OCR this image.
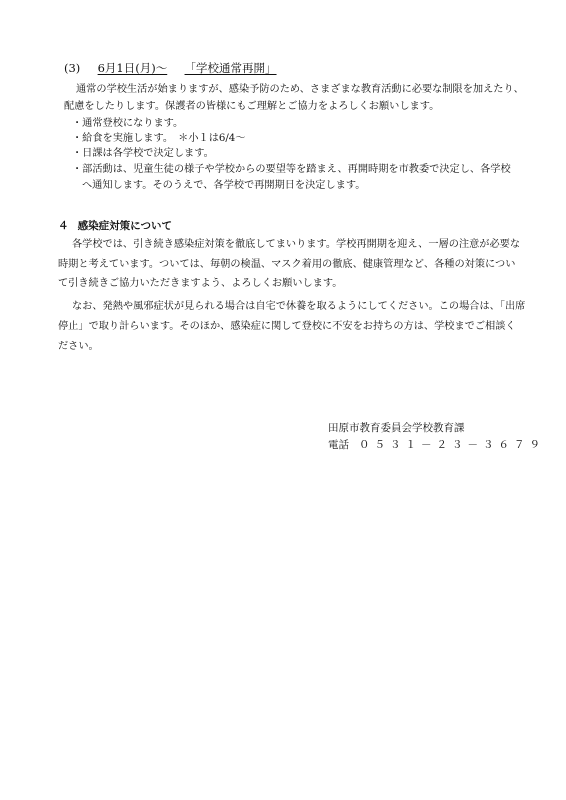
(3) 6月1日(月)～ 「学校通常再開」
通常の学校生活が始まりますが、感染予防のため、さまざまな教育活動に必要な制限を加えたり、
配慮をしたりします。保護者の皆様にもご理解とご協力をよろしくお願いします。
・通常登校になります。
・給食を実施します。　＊小１は6/4～
・日課は各学校で決定します。
・部活動は、児童生徒の様子や学校からの要望等を踏まえ、再開時期を市教委で決定し、各学校
へ通知します。そのうえで、各学校で再開期日を決定します。
４ 感染症対策について
各学校では、引き続き感染症対策を徹底してまいります。学校再開期を迎え、一層の注意が必要な
時期と考えています。ついては、毎朝の検温、マスク着用の徹底、健康管理など、各種の対策につい
て引き続きご協力いただきますよう、よろしくお願いします。
なお、発熱や風邪症状が見られる場合は自宅で休養を取るようにしてください。この場合は、「出席
停止」で取り計らいます。そのほか、感染症に関して登校に不安をお持ちの方は、学校までご相談く
ださい。
田原市教育委員会学校教育課
電話 ０５３１－２３－３６７９
